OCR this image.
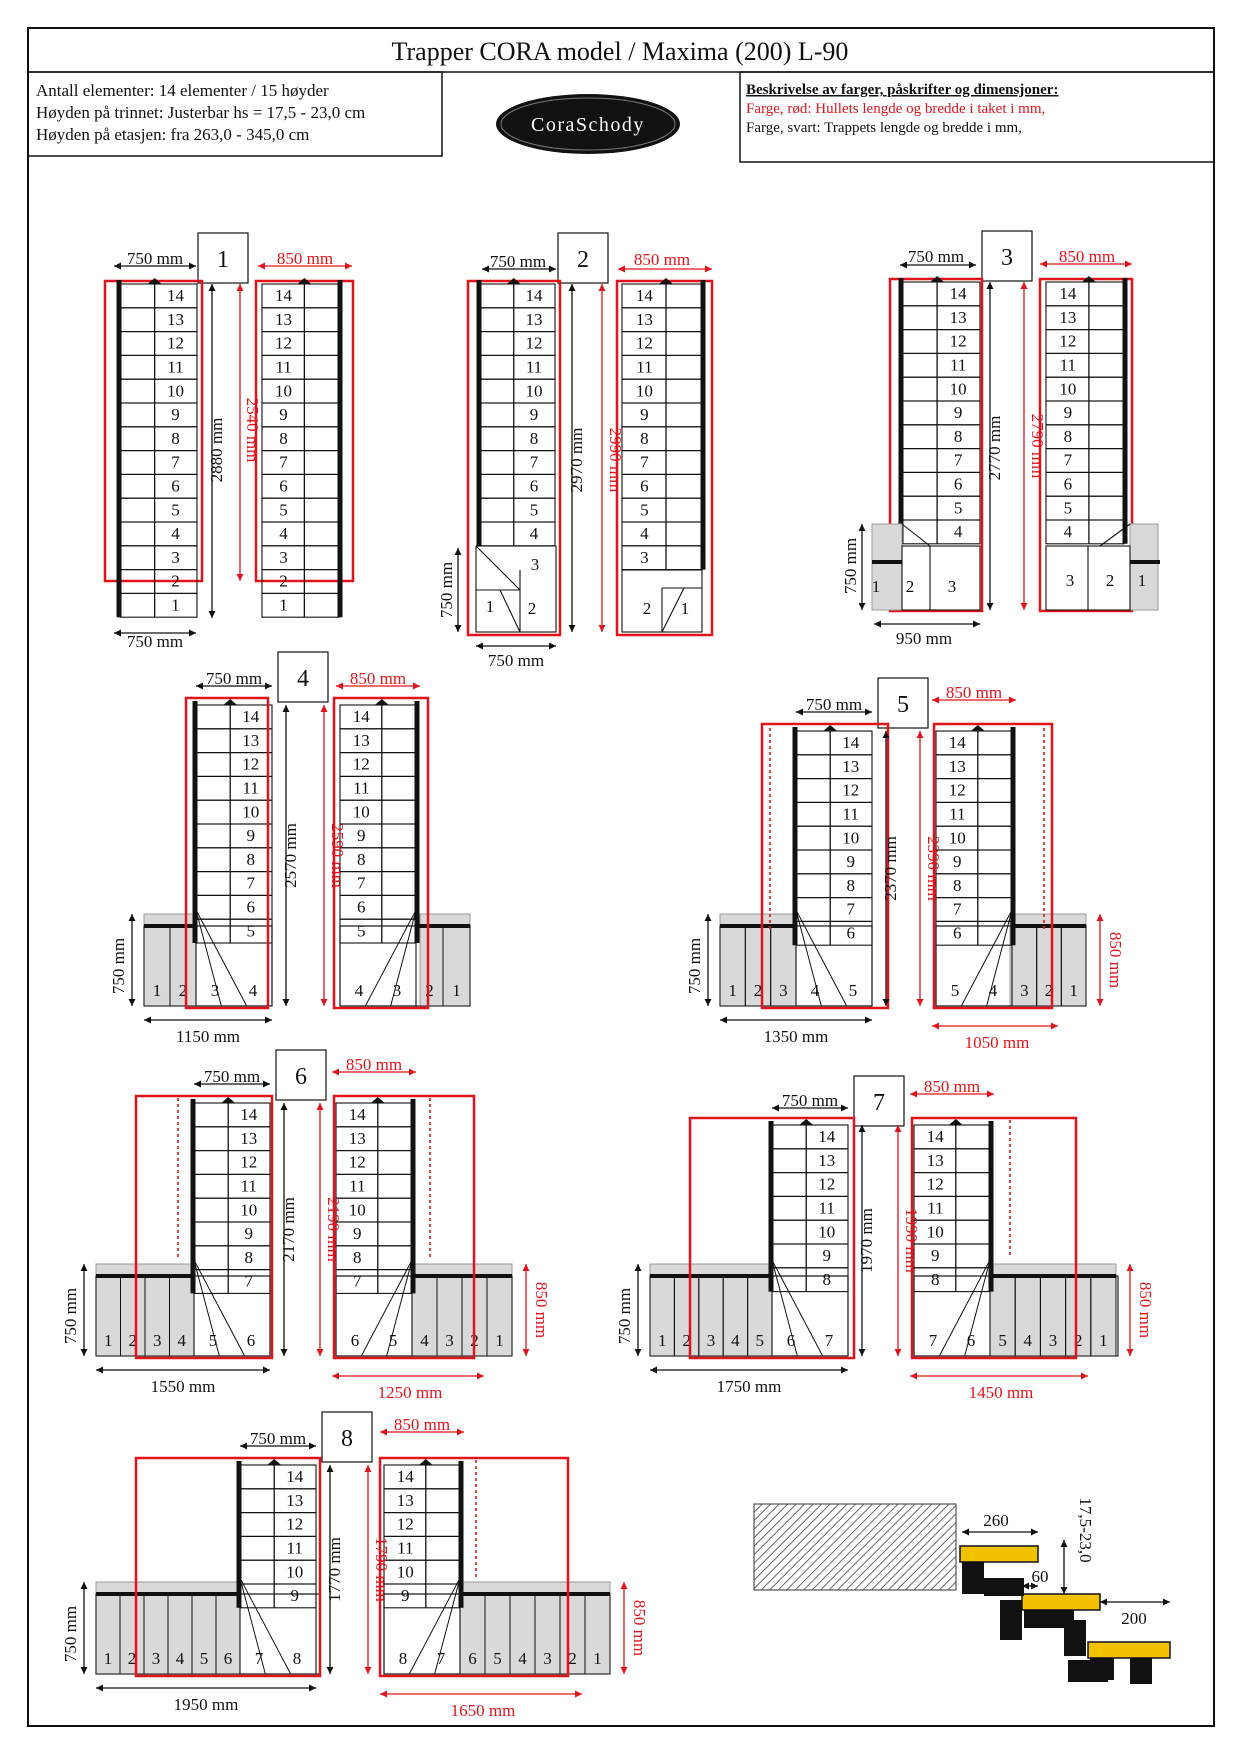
Trapper CORA model / Maxima (200) L-90
Antall elementer: 14 elementer / 15 høyder
Høyden på trinnet: Justerbar hs = 17,5 - 23,0 cm
Høyden på etasjen: fra 263,0 - 345,0 cm	CoraSchody
Beskrivelse av farger, påskrifter og dimensjoner:
Farge, rød: Hullets lengde og bredde i taket i mm,
Farge, svart: Trappets lengde og bredde i mm,
1
14
13
12
11
10
9
8
7
6
5
4
3
2
1
750 mm
750 mm
2880 mm
14
13
12
11
10
9
8
7
6
5
4
3
2
1
850 mm
2540 mm
2
14
13
12
11
10
9
8
7
6
5
4
3
1 2
750 mm
750 mm
2970 mm
750 mm
14
13
12
11
10
9
8
7
6
5
4
3
2 1
850 mm
2990 mm
3
14
13
12
11
10
9
8
7
6
5
4
1 2 3
750 mm
950 mm
2770 mm
750 mm
14
13
12
11
10
9
8
7
6
5
4
3 2 1
850 mm
2790 mm
4
14
13
12
11
10
9
8
7
6
5
1 2 3 4
750 mm
1150 mm
2570 mm
750 mm
14
13
12
11
10
9
8
7
6
5
2 1
4 3
850 mm
2590 mm
5
14
13
12
11
10
9
8
7
6
1 2 3 4 5
750 mm
1350 mm
2370 mm
750 mm
14
13
12
11
10
9
8
7
6
3 2 1
5 4
850 mm
2390 mm
1050 mm
850 mm
6
14
13
12
11
10
9
8
7
1 2 3 4 5 6
750 mm
1550 mm
2170 mm
750 mm
14
13
12
11
10
9
8
7
4 3 2 1
6 5
850 mm
2190 mm
1250 mm
850 mm
7
14
13
12
11
10
9
8
1 2 3 4 5 6 7
750 mm
1750 mm
1970 mm
750 mm
14
13
12
11
10
9
8
5 4 3 2 1
7 6
850 mm
1990 mm
1450 mm
850 mm
8
14
13
12
11
10
9
1 2 3 4 5 6 7 8
750 mm
1950 mm
1770 mm
750 mm
14
13
12
11
10
9
6 5 4 3 2 1
8 7
850 mm
1790 mm
1650 mm
850 mm
260
60
200
17,5-23,0
